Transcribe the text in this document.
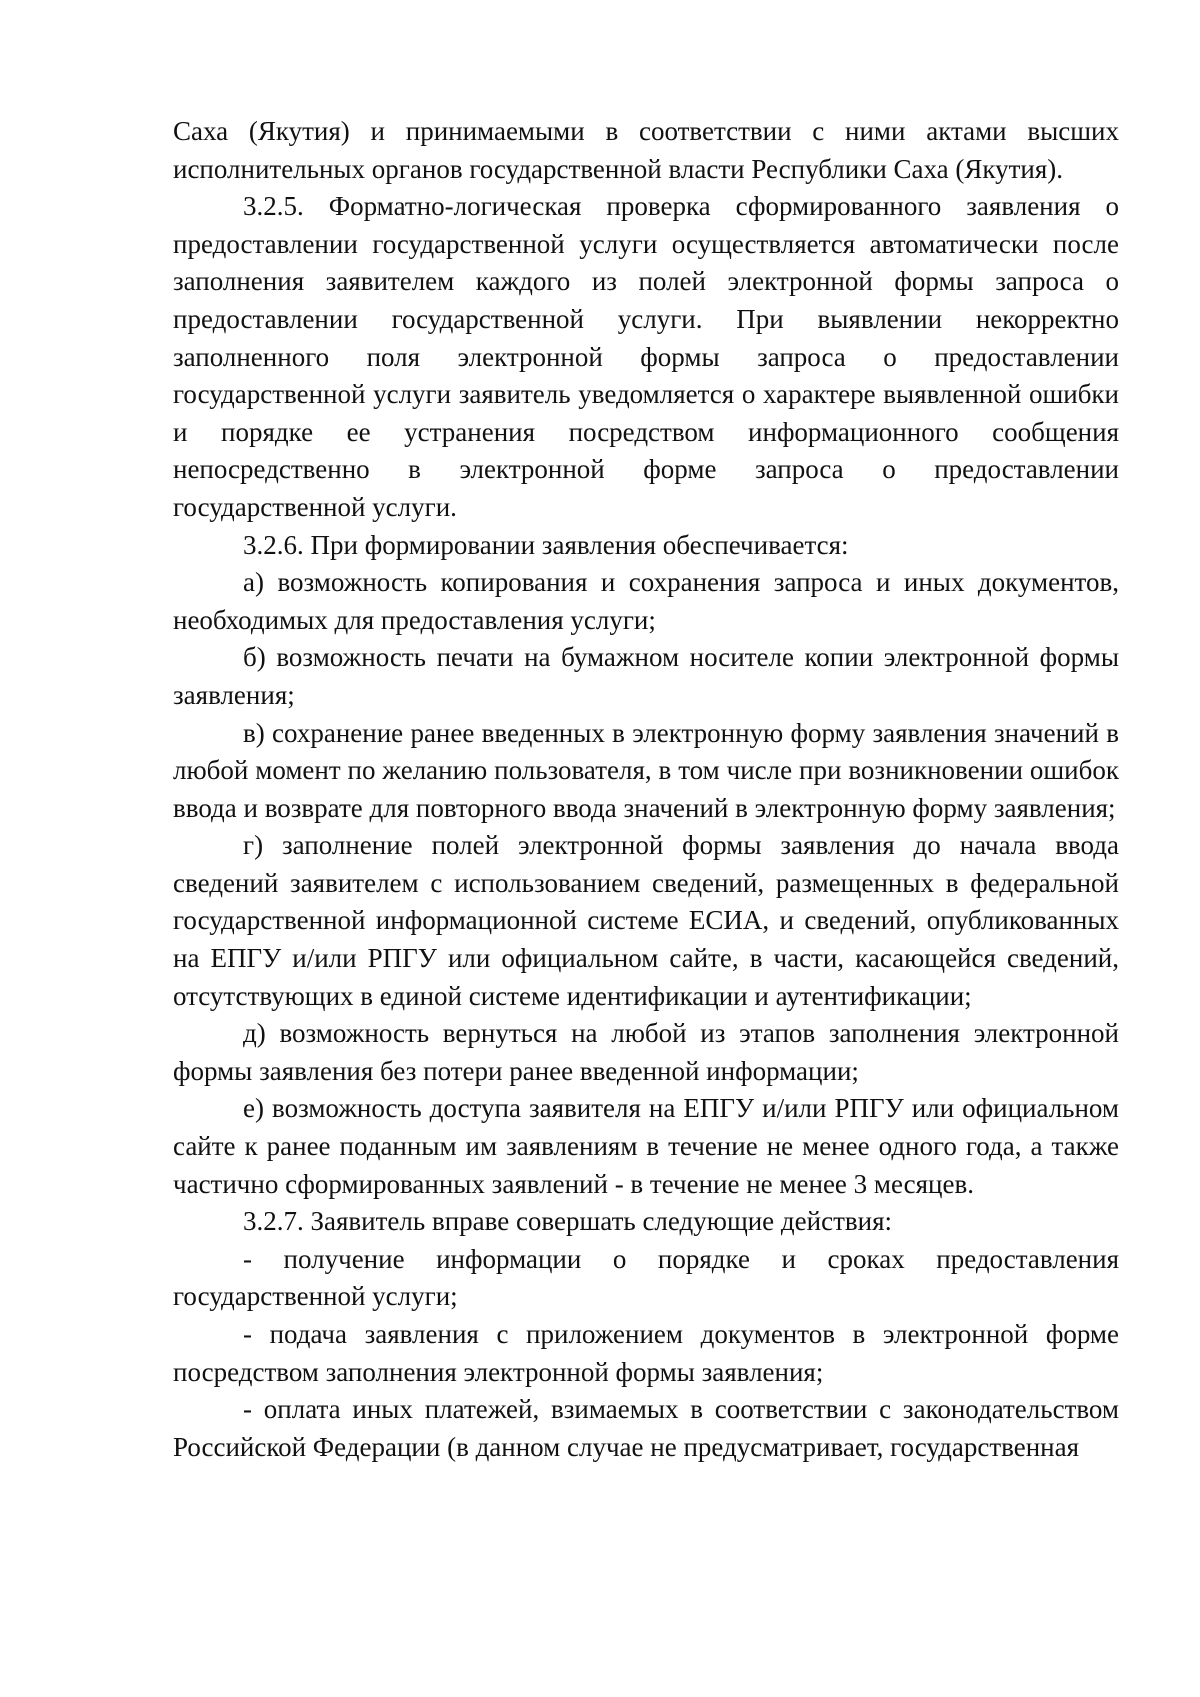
Саха (Якутия) и принимаемыми в соответствии с ними актами высших исполнительных органов государственной власти Республики Саха (Якутия).

3.2.5. Форматно-логическая проверка сформированного заявления о предоставлении государственной услуги осуществляется автоматически после заполнения заявителем каждого из полей электронной формы запроса о предоставлении государственной услуги. При выявлении некорректно заполненного поля электронной формы запроса о предоставлении государственной услуги заявитель уведомляется о характере выявленной ошибки и порядке ее устранения посредством информационного сообщения непосредственно в электронной форме запроса о предоставлении государственной услуги.

3.2.6. При формировании заявления обеспечивается:

а) возможность копирования и сохранения запроса и иных документов, необходимых для предоставления услуги;

б) возможность печати на бумажном носителе копии электронной формы заявления;

в) сохранение ранее введенных в электронную форму заявления значений в любой момент по желанию пользователя, в том числе при возникновении ошибок ввода и возврате для повторного ввода значений в электронную форму заявления;

г) заполнение полей электронной формы заявления до начала ввода сведений заявителем с использованием сведений, размещенных в федеральной государственной информационной системе ЕСИА, и сведений, опубликованных на ЕПГУ и/или РПГУ или официальном сайте, в части, касающейся сведений, отсутствующих в единой системе идентификации и аутентификации;

д) возможность вернуться на любой из этапов заполнения электронной формы заявления без потери ранее введенной информации;

е) возможность доступа заявителя на ЕПГУ и/или РПГУ или официальном сайте к ранее поданным им заявлениям в течение не менее одного года, а также частично сформированных заявлений - в течение не менее 3 месяцев.

3.2.7. Заявитель вправе совершать следующие действия:

- получение информации о порядке и сроках предоставления государственной услуги;

- подача заявления с приложением документов в электронной форме посредством заполнения электронной формы заявления;

- оплата иных платежей, взимаемых в соответствии с законодательством Российской Федерации (в данном случае не предусматривает, государственная
